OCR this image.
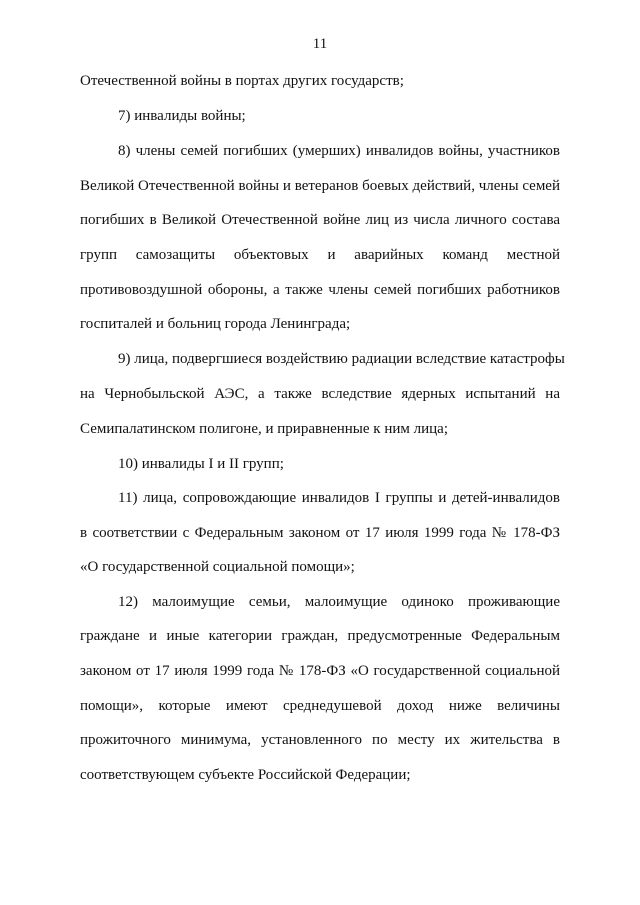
11
Отечественной войны в портах других государств;
7) инвалиды войны;
8) члены семей погибших (умерших) инвалидов войны, участников
Великой Отечественной войны и ветеранов боевых действий, члены семей
погибших в Великой Отечественной войне лиц из числа личного состава
групп самозащиты объектовых и аварийных команд местной
противовоздушной обороны, а также члены семей погибших работников
госпиталей и больниц города Ленинграда;
9) лица, подвергшиеся воздействию радиации вследствие катастрофы
на Чернобыльской АЭС, а также вследствие ядерных испытаний на
Семипалатинском полигоне, и приравненные к ним лица;
10) инвалиды I и II групп;
11) лица, сопровождающие инвалидов I группы и детей-инвалидов
в соответствии с Федеральным законом от 17 июля 1999 года № 178-ФЗ
«О государственной социальной помощи»;
12) малоимущие семьи, малоимущие одиноко проживающие
граждане и иные категории граждан, предусмотренные Федеральным
законом от 17 июля 1999 года № 178-ФЗ «О государственной социальной
помощи», которые имеют среднедушевой доход ниже величины
прожиточного минимума, установленного по месту их жительства в
соответствующем субъекте Российской Федерации;
